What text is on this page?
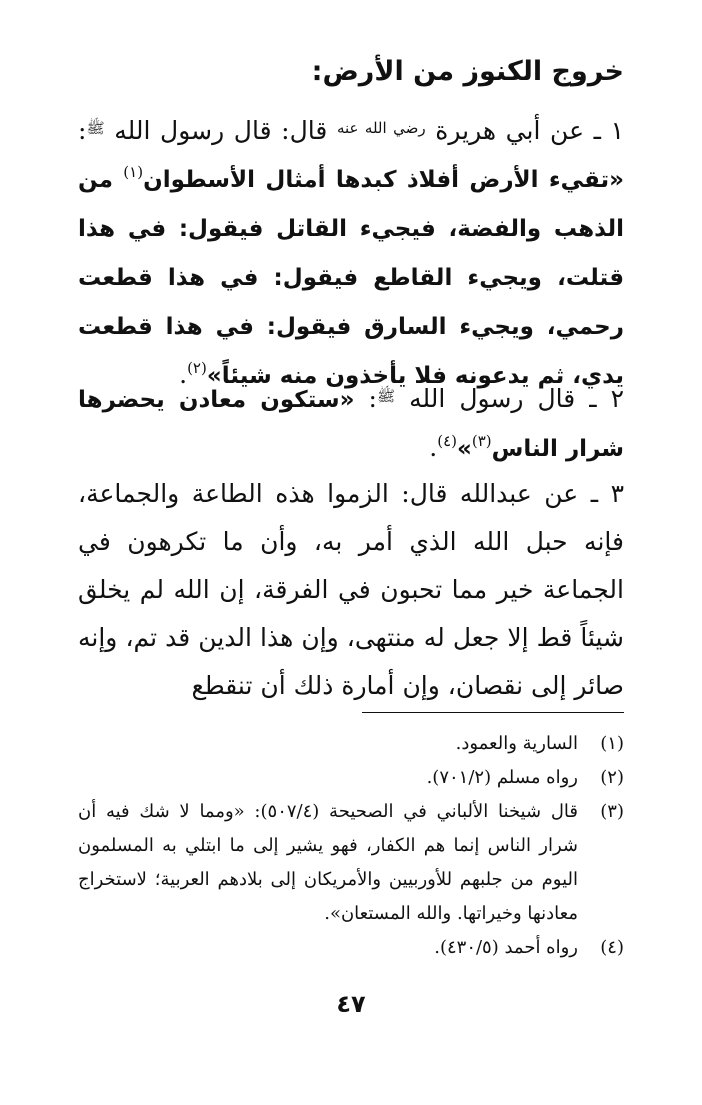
خروج الكنوز من الأرض:

١ ـ عن أبي هريرة $^{رضي الله عنه}$ قال: قال رسول الله $^ﷺ$: «تقيء الأرض أفلاذ كبدها أمثال الأسطوان$^{(١)}$ من الذهب والفضة، فيجيء القاتل فيقول: في هذا قتلت، ويجيء القاطع فيقول: في هذا قطعت رحمي، ويجيء السارق فيقول: في هذا قطعت يدي، ثم يدعونه فلا يأخذون منه شيئاً»$^{(٢)}$.

٢ ـ قال رسول الله $^ﷺ$: «ستكون معادن يحضرها شرار الناس$^{(٣)}$»$^{(٤)}$.

٣ ـ عن عبدالله قال: الزموا هذه الطاعة والجماعة، فإنه حبل الله الذي أمر به، وأن ما تكرهون في الجماعة خير مما تحبون في الفرقة، إن الله لم يخلق شيئاً قط إلا جعل له منتهى، وإن هذا الدين قد تم، وإنه صائر إلى نقصان، وإن أمارة ذلك أن تنقطع

(١)
السارية والعمود.
(٢)
رواه مسلم (٧٠١/٢).
(٣)
قال شيخنا الألباني في الصحيحة (٥٠٧/٤): «ومما لا شك فيه أن شرار الناس إنما هم الكفار، فهو يشير إلى ما ابتلي به المسلمون اليوم من جلبهم للأوربيين والأمريكان إلى بلادهم العربية؛ لاستخراج معادنها وخيراتها. والله المستعان».
(٤)
رواه أحمد (٤٣٠/٥).
٤٧
